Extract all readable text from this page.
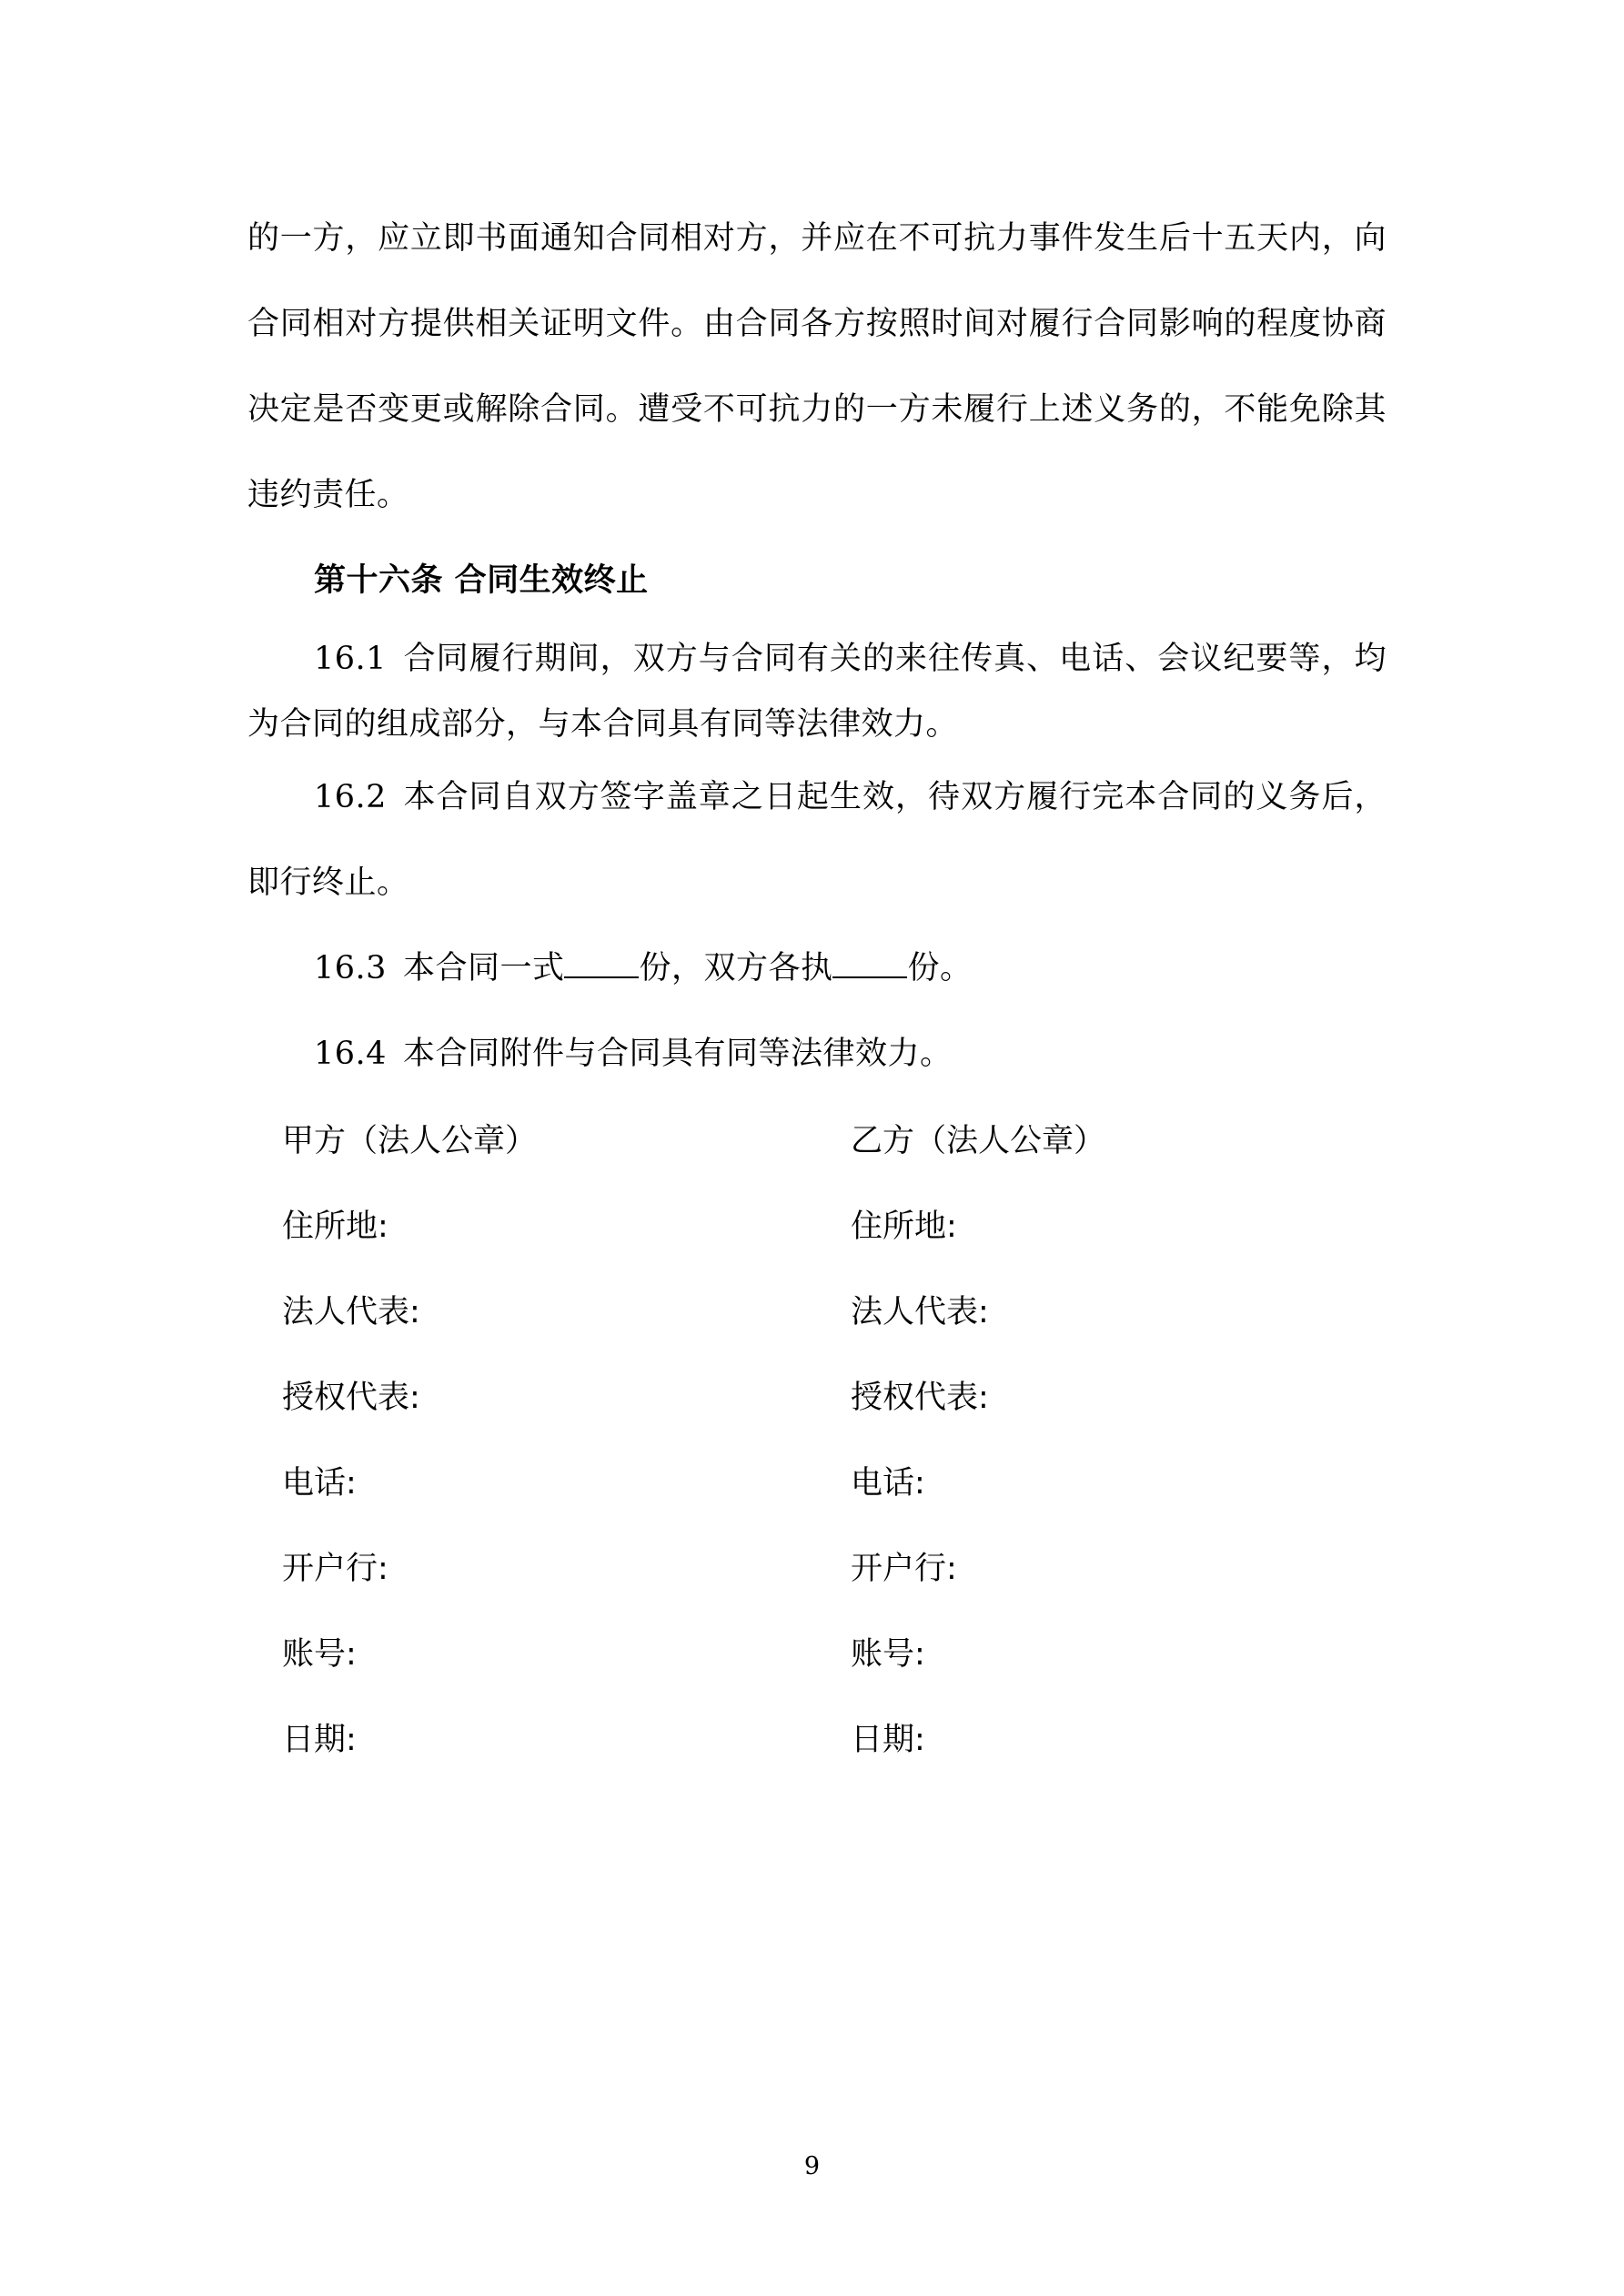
的一方，应立即书面通知合同相对方，并应在不可抗力事件发生后十五天内，向

合同相对方提供相关证明文件。由合同各方按照时间对履行合同影响的程度协商

决定是否变更或解除合同。遭受不可抗力的一方未履行上述义务的，不能免除其

违约责任。

第十六条 合同生效终止

16.1 合同履行期间，双方与合同有关的来往传真、电话、会议纪要等，均

为合同的组成部分，与本合同具有同等法律效力。

16.2 本合同自双方签字盖章之日起生效，待双方履行完本合同的义务后，

即行终止。

16.3 本合同一式 份，双方各执 份。

16.4 本合同附件与合同具有同等法律效力。

甲方（法人公章）	乙方（法人公章）

住所地:	住所地:

法人代表:	法人代表:

授权代表:	授权代表:

电话:	电话:

开户行:	开户行:

账号:	账号:

日期:	日期:

9
